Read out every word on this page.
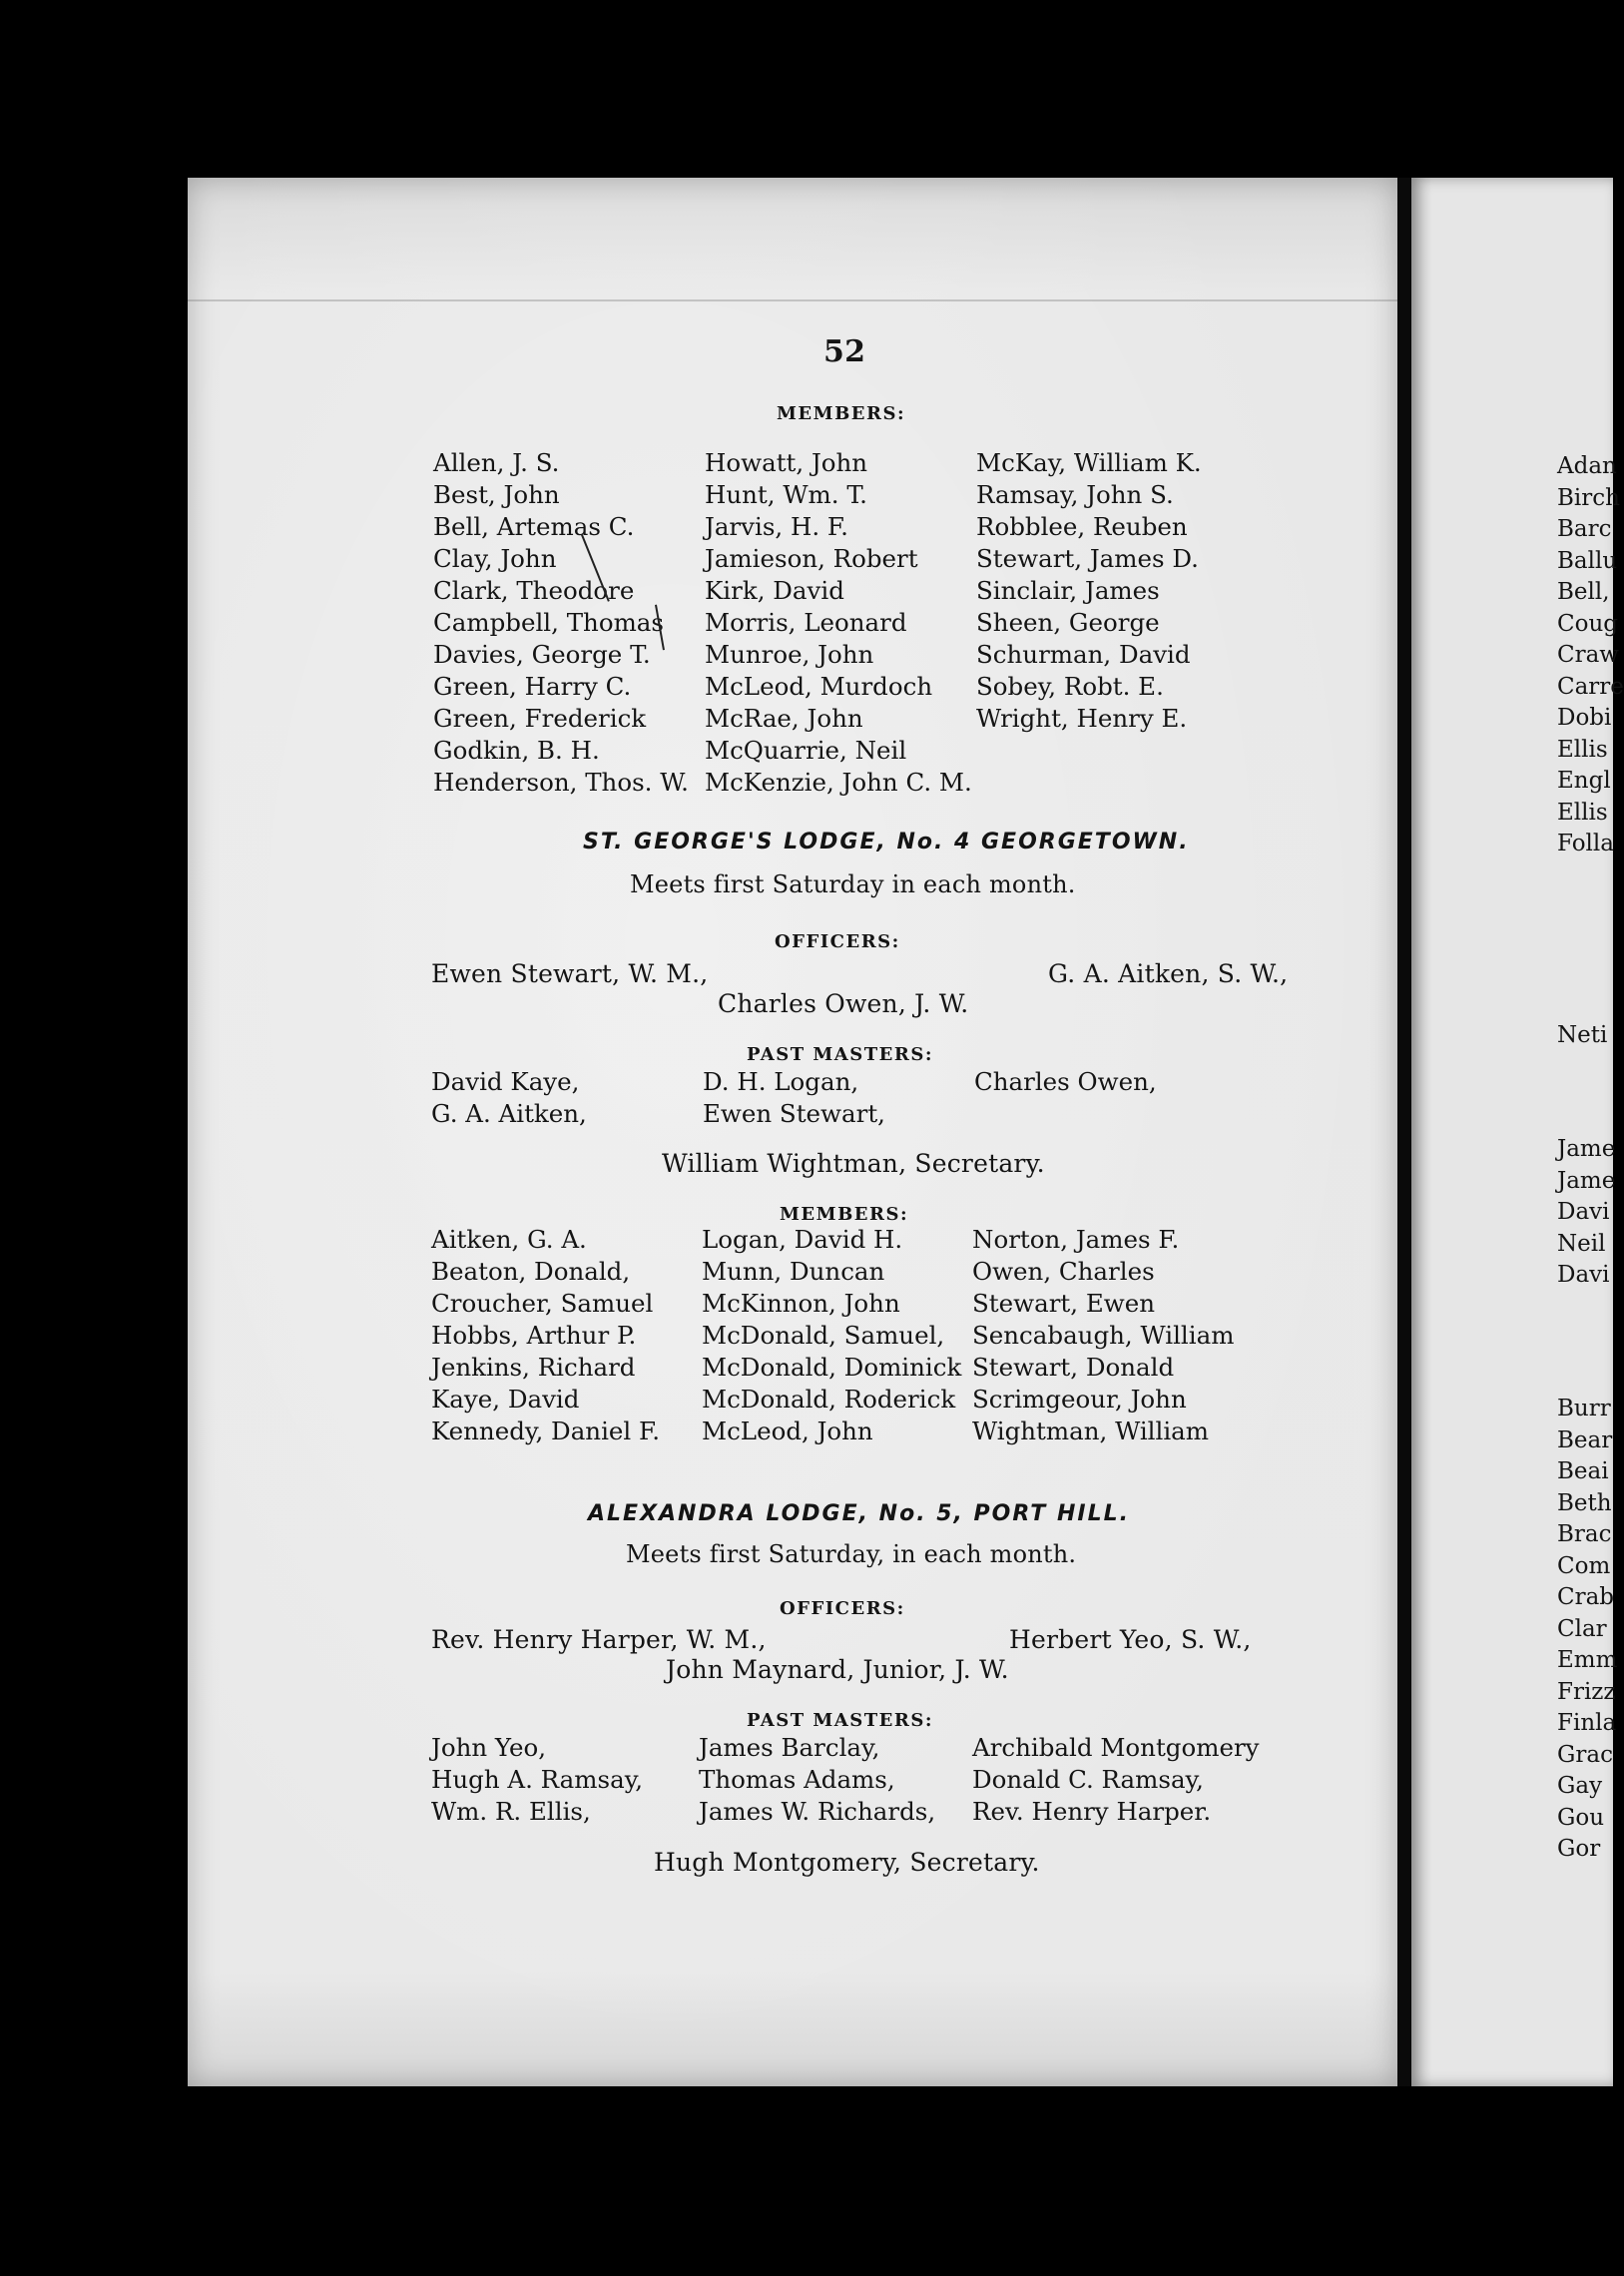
52
MEMBERS:
Allen, J. S.
Best, John
Bell, Artemas C.
Clay, John
Clark, Theodore
Campbell, Thomas
Davies, George T.
Green, Harry C.
Green, Frederick
Godkin, B. H.
Henderson, Thos. W.
Howatt, John
Hunt, Wm. T.
Jarvis, H. F.
Jamieson, Robert
Kirk, David
Morris, Leonard
Munroe, John
McLeod, Murdoch
McRae, John
McQuarrie, Neil
McKenzie, John C. M.
McKay, William K.
Ramsay, John S.
Robblee, Reuben
Stewart, James D.
Sinclair, James
Sheen, George
Schurman, David
Sobey, Robt. E.
Wright, Henry E.
ST. GEORGE'S LODGE, No. 4 GEORGETOWN.
Meets first Saturday in each month.
OFFICERS:
Ewen Stewart, W. M.,	G. A. Aitken, S. W.,
Charles Owen, J. W.
PAST MASTERS:
David Kaye,
G. A. Aitken,
D. H. Logan,
Ewen Stewart,
Charles Owen,
William Wightman, Secretary.
MEMBERS:
Aitken, G. A.
Beaton, Donald,
Croucher, Samuel
Hobbs, Arthur P.
Jenkins, Richard
Kaye, David
Kennedy, Daniel F.
Logan, David H.
Munn, Duncan
McKinnon, John
McDonald, Samuel,
McDonald, Dominick
McDonald, Roderick
McLeod, John
Norton, James F.
Owen, Charles
Stewart, Ewen
Sencabaugh, William
Stewart, Donald
Scrimgeour, John
Wightman, William
ALEXANDRA LODGE, No. 5, PORT HILL.
Meets first Saturday, in each month.
OFFICERS:
Rev. Henry Harper, W. M.,	Herbert Yeo, S. W.,
John Maynard, Junior, J. W.
PAST MASTERS:
John Yeo,
Hugh A. Ramsay,
Wm. R. Ellis,
James Barclay,
Thomas Adams,
James W. Richards,
Archibald Montgomery
Donald C. Ramsay,
Rev. Henry Harper.
Hugh Montgomery, Secretary.
Adan
Birch
Barc
Ballu
Bell,
Coug
Craw
Carre
Dobi
Ellis
Engl
Ellis
Folla
Neti
Jame
Jame
Davi
Neil
Davi
Burr
Bear
Beai
Beth
Brac
Com
Crab
Clar
Emm
Frizz
Finla
Grac
Gay
Gou
Gor
